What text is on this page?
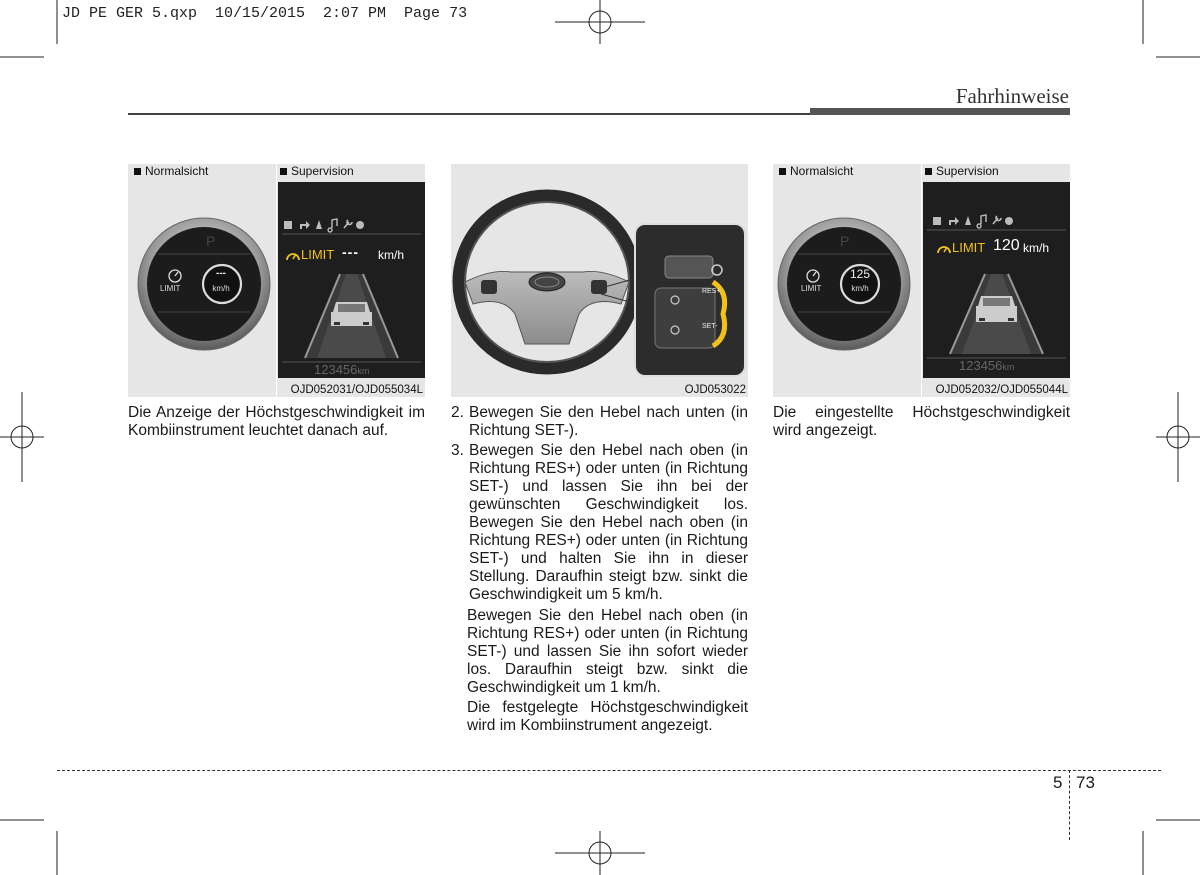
JD PE GER 5.qxp  10/15/2015  2:07 PM  Page 73
Fahrhinweise
Normalsicht	Supervision
P
LIMIT
---
km/h
LIMIT --- km/h
123456km
OJD052031/OJD055034L
RES+
SET-
OJD053022
Normalsicht	Supervision
P
LIMIT
125
km/h
LIMIT 120 km/h
123456km
OJD052032/OJD055044L
Die Anzeige der Höchstgeschwindigkeit im Kombiinstrument leuchtet danach auf.
2. Bewegen Sie den Hebel nach unten (in Richtung SET-).
3. Bewegen Sie den Hebel nach oben (in Richtung RES+) oder unten (in Richtung SET-) und lassen Sie ihn bei der gewünschten Geschwindigkeit los. Bewegen Sie den Hebel nach oben (in Richtung RES+) oder unten (in Richtung SET-) und halten Sie ihn in dieser Stellung. Daraufhin steigt bzw. sinkt die Geschwindigkeit um 5 km/h.
Bewegen Sie den Hebel nach oben (in Richtung RES+) oder unten (in Richtung SET-) und lassen Sie ihn sofort wieder los. Daraufhin steigt bzw. sinkt die Geschwindigkeit um 1 km/h.
Die festgelegte Höchstgeschwindigkeit wird im Kombiinstrument angezeigt.
Die eingestellte Höchstgeschwindigkeit wird angezeigt.
5 73
